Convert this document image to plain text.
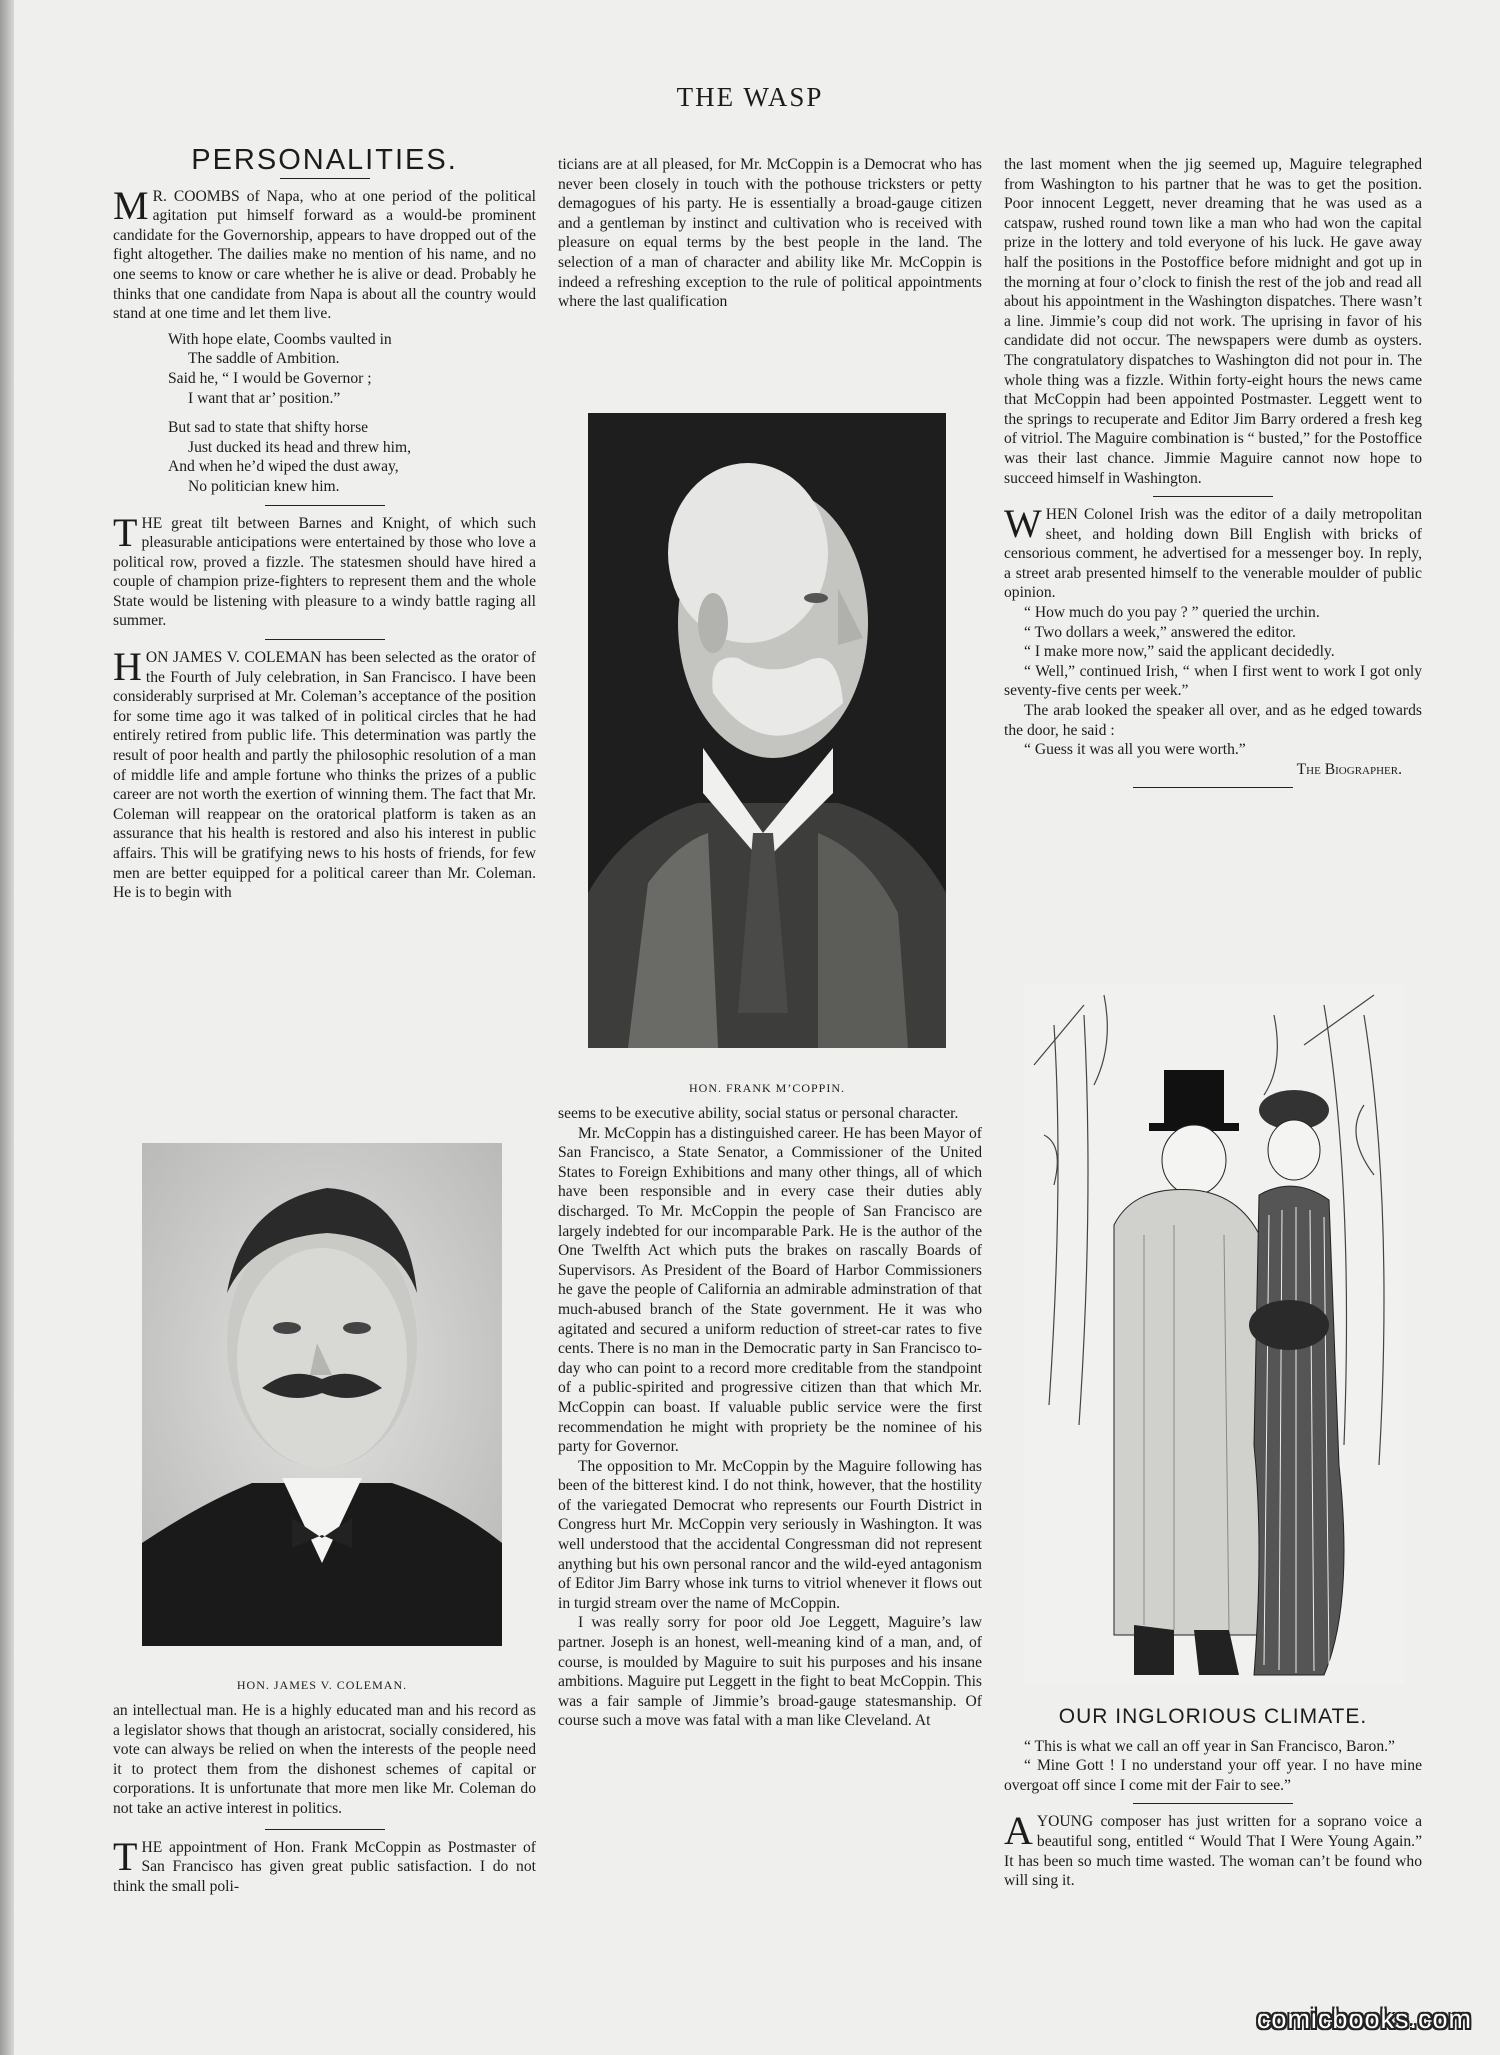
THE WASP
PERSONALITIES.

M R. COOMBS of Napa, who at one period of the political agitation put himself forward as a would-be prominent candidate for the Governorship, appears to have dropped out of the fight altogether. The dailies make no mention of his name, and no one seems to know or care whether he is alive or dead. Probably he thinks that one candidate from Napa is about all the country would stand at one time and let them live.

With hope elate, Coombs vaulted in
The saddle of Ambition.
Said he, “ I would be Governor ;
I want that ar’ position.”
But sad to state that shifty horse
Just ducked its head and threw him,
And when he’d wiped the dust away,
No politician knew him.

THE great tilt between Barnes and Knight, of which such pleasurable anticipations were entertained by those who love a political row, proved a fizzle. The statesmen should have hired a couple of champion prize-fighters to represent them and the whole State would be listening with pleasure to a windy battle raging all summer.

HON JAMES V. COLEMAN has been selected as the orator of the Fourth of July celebration, in San Francisco. I have been considerably surprised at Mr. Coleman’s acceptance of the position for some time ago it was talked of in political circles that he had entirely retired from public life. This determination was partly the result of poor health and partly the philosophic resolution of a man of middle life and ample fortune who thinks the prizes of a public career are not worth the exertion of winning them. The fact that Mr. Coleman will reappear on the oratorical platform is taken as an assurance that his health is restored and also his interest in public affairs. This will be gratifying news to his hosts of friends, for few men are better equipped for a political career than Mr. Coleman. He is to begin with

HON. JAMES V. COLEMAN.

an intellectual man. He is a highly educated man and his record as a legislator shows that though an aristocrat, socially considered, his vote can always be relied on when the interests of the people need it to protect them from the dishonest schemes of capital or corporations. It is unfortunate that more men like Mr. Coleman do not take an active interest in politics.

THE appointment of Hon. Frank McCoppin as Postmaster of San Francisco has given great public satisfaction. I do not think the small poli-

ticians are at all pleased, for Mr. McCoppin is a Democrat who has never been closely in touch with the pothouse tricksters or petty demagogues of his party. He is essentially a broad-gauge citizen and a gentleman by instinct and cultivation who is received with pleasure on equal terms by the best people in the land. The selection of a man of character and ability like Mr. McCoppin is indeed a refreshing exception to the rule of political appointments where the last qualification

HON. FRANK M’COPPIN.

seems to be executive ability, social status or personal character.

Mr. McCoppin has a distinguished career. He has been Mayor of San Francisco, a State Senator, a Commissioner of the United States to Foreign Exhibitions and many other things, all of which have been responsible and in every case their duties ably discharged. To Mr. McCoppin the people of San Francisco are largely indebted for our incomparable Park. He is the author of the One Twelfth Act which puts the brakes on rascally Boards of Supervisors. As President of the Board of Harbor Commissioners he gave the people of California an admirable adminstration of that much-abused branch of the State government. He it was who agitated and secured a uniform reduction of street-car rates to five cents. There is no man in the Democratic party in San Francisco to-day who can point to a record more creditable from the standpoint of a public-spirited and progressive citizen than that which Mr. McCoppin can boast. If valuable public service were the first recommendation he might with propriety be the nominee of his party for Governor.

The opposition to Mr. McCoppin by the Maguire following has been of the bitterest kind. I do not think, however, that the hostility of the variegated Democrat who represents our Fourth District in Congress hurt Mr. McCoppin very seriously in Washington. It was well understood that the accidental Congressman did not represent anything but his own personal rancor and the wild-eyed antagonism of Editor Jim Barry whose ink turns to vitriol whenever it flows out in turgid stream over the name of McCoppin.

I was really sorry for poor old Joe Leggett, Maguire’s law partner. Joseph is an honest, well-meaning kind of a man, and, of course, is moulded by Maguire to suit his purposes and his insane ambitions. Maguire put Leggett in the fight to beat McCoppin. This was a fair sample of Jimmie’s broad-gauge statesmanship. Of course such a move was fatal with a man like Cleveland. At

the last moment when the jig seemed up, Maguire telegraphed from Washington to his partner that he was to get the position. Poor innocent Leggett, never dreaming that he was used as a catspaw, rushed round town like a man who had won the capital prize in the lottery and told everyone of his luck. He gave away half the positions in the Postoffice before midnight and got up in the morning at four o’clock to finish the rest of the job and read all about his appointment in the Washington dispatches. There wasn’t a line. Jimmie’s coup did not work. The uprising in favor of his candidate did not occur. The newspapers were dumb as oysters. The congratulatory dispatches to Washington did not pour in. The whole thing was a fizzle. Within forty-eight hours the news came that McCoppin had been appointed Postmaster. Leggett went to the springs to recuperate and Editor Jim Barry ordered a fresh keg of vitriol. The Maguire combination is “ busted,” for the Postoffice was their last chance. Jimmie Maguire cannot now hope to succeed himself in Washington.

WHEN Colonel Irish was the editor of a daily metropolitan sheet, and holding down Bill English with bricks of censorious comment, he advertised for a messenger boy. In reply, a street arab presented himself to the venerable moulder of public opinion.

“ How much do you pay ? ” queried the urchin.

“ Two dollars a week,” answered the editor.

“ I make more now,” said the applicant decidedly.

“ Well,” continued Irish, “ when I first went to work I got only seventy-five cents per week.”

The arab looked the speaker all over, and as he edged towards the door, he said :

“ Guess it was all you were worth.”

The Biographer.
OUR INGLORIOUS CLIMATE.

“ This is what we call an off year in San Francisco, Baron.”

“ Mine Gott ! I no understand your off year. I no have mine overgoat off since I come mit der Fair to see.”

AYOUNG composer has just written for a soprano voice a beautiful song, entitled “ Would That I Were Young Again.” It has been so much time wasted. The woman can’t be found who will sing it.

comicbooks.com
